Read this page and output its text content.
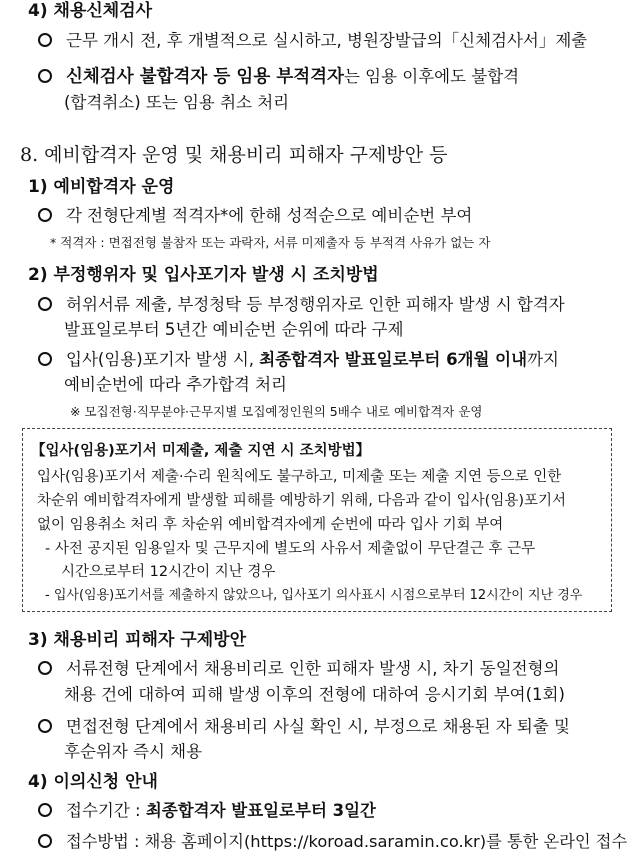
4) 채용신체검사
근무 개시 전, 후 개별적으로 실시하고, 병원장발급의「신체검사서」제출
신체검사 불합격자 등 임용 부적격자는 임용 이후에도 불합격
(합격취소) 또는 임용 취소 처리
8. 예비합격자 운영 및 채용비리 피해자 구제방안 등
1) 예비합격자 운영
각 전형단계별 적격자*에 한해 성적순으로 예비순번 부여
* 적격자 : 면접전형 불참자 또는 과락자, 서류 미제출자 등 부적격 사유가 없는 자
2) 부정행위자 및 입사포기자 발생 시 조치방법
허위서류 제출, 부정청탁 등 부정행위자로 인한 피해자 발생 시 합격자
발표일로부터 5년간 예비순번 순위에 따라 구제
입사(임용)포기자 발생 시, 최종합격자 발표일로부터 6개월 이내까지
예비순번에 따라 추가합격 처리
※ 모집전형·직무분야·근무지별 모집예정인원의 5배수 내로 예비합격자 운영
【입사(임용)포기서 미제출, 제출 지연 시 조치방법】
입사(임용)포기서 제출·수리 원칙에도 불구하고, 미제출 또는 제출 지연 등으로 인한
차순위 예비합격자에게 발생할 피해를 예방하기 위해, 다음과 같이 입사(임용)포기서
없이 임용취소 처리 후 차순위 예비합격자에게 순번에 따라 입사 기회 부여
- 사전 공지된 임용일자 및 근무지에 별도의 사유서 제출없이 무단결근 후 근무
시간으로부터 12시간이 지난 경우
- 입사(임용)포기서를 제출하지 않았으나, 입사포기 의사표시 시점으로부터 12시간이 지난 경우
3) 채용비리 피해자 구제방안
서류전형 단계에서 채용비리로 인한 피해자 발생 시, 차기 동일전형의
채용 건에 대하여 피해 발생 이후의 전형에 대하여 응시기회 부여(1회)
면접전형 단계에서 채용비리 사실 확인 시, 부정으로 채용된 자 퇴출 및
후순위자 즉시 채용
4) 이의신청 안내
접수기간 : 최종합격자 발표일로부터 3일간
접수방법 : 채용 홈페이지(https://koroad.saramin.co.kr)를 통한 온라인 접수
